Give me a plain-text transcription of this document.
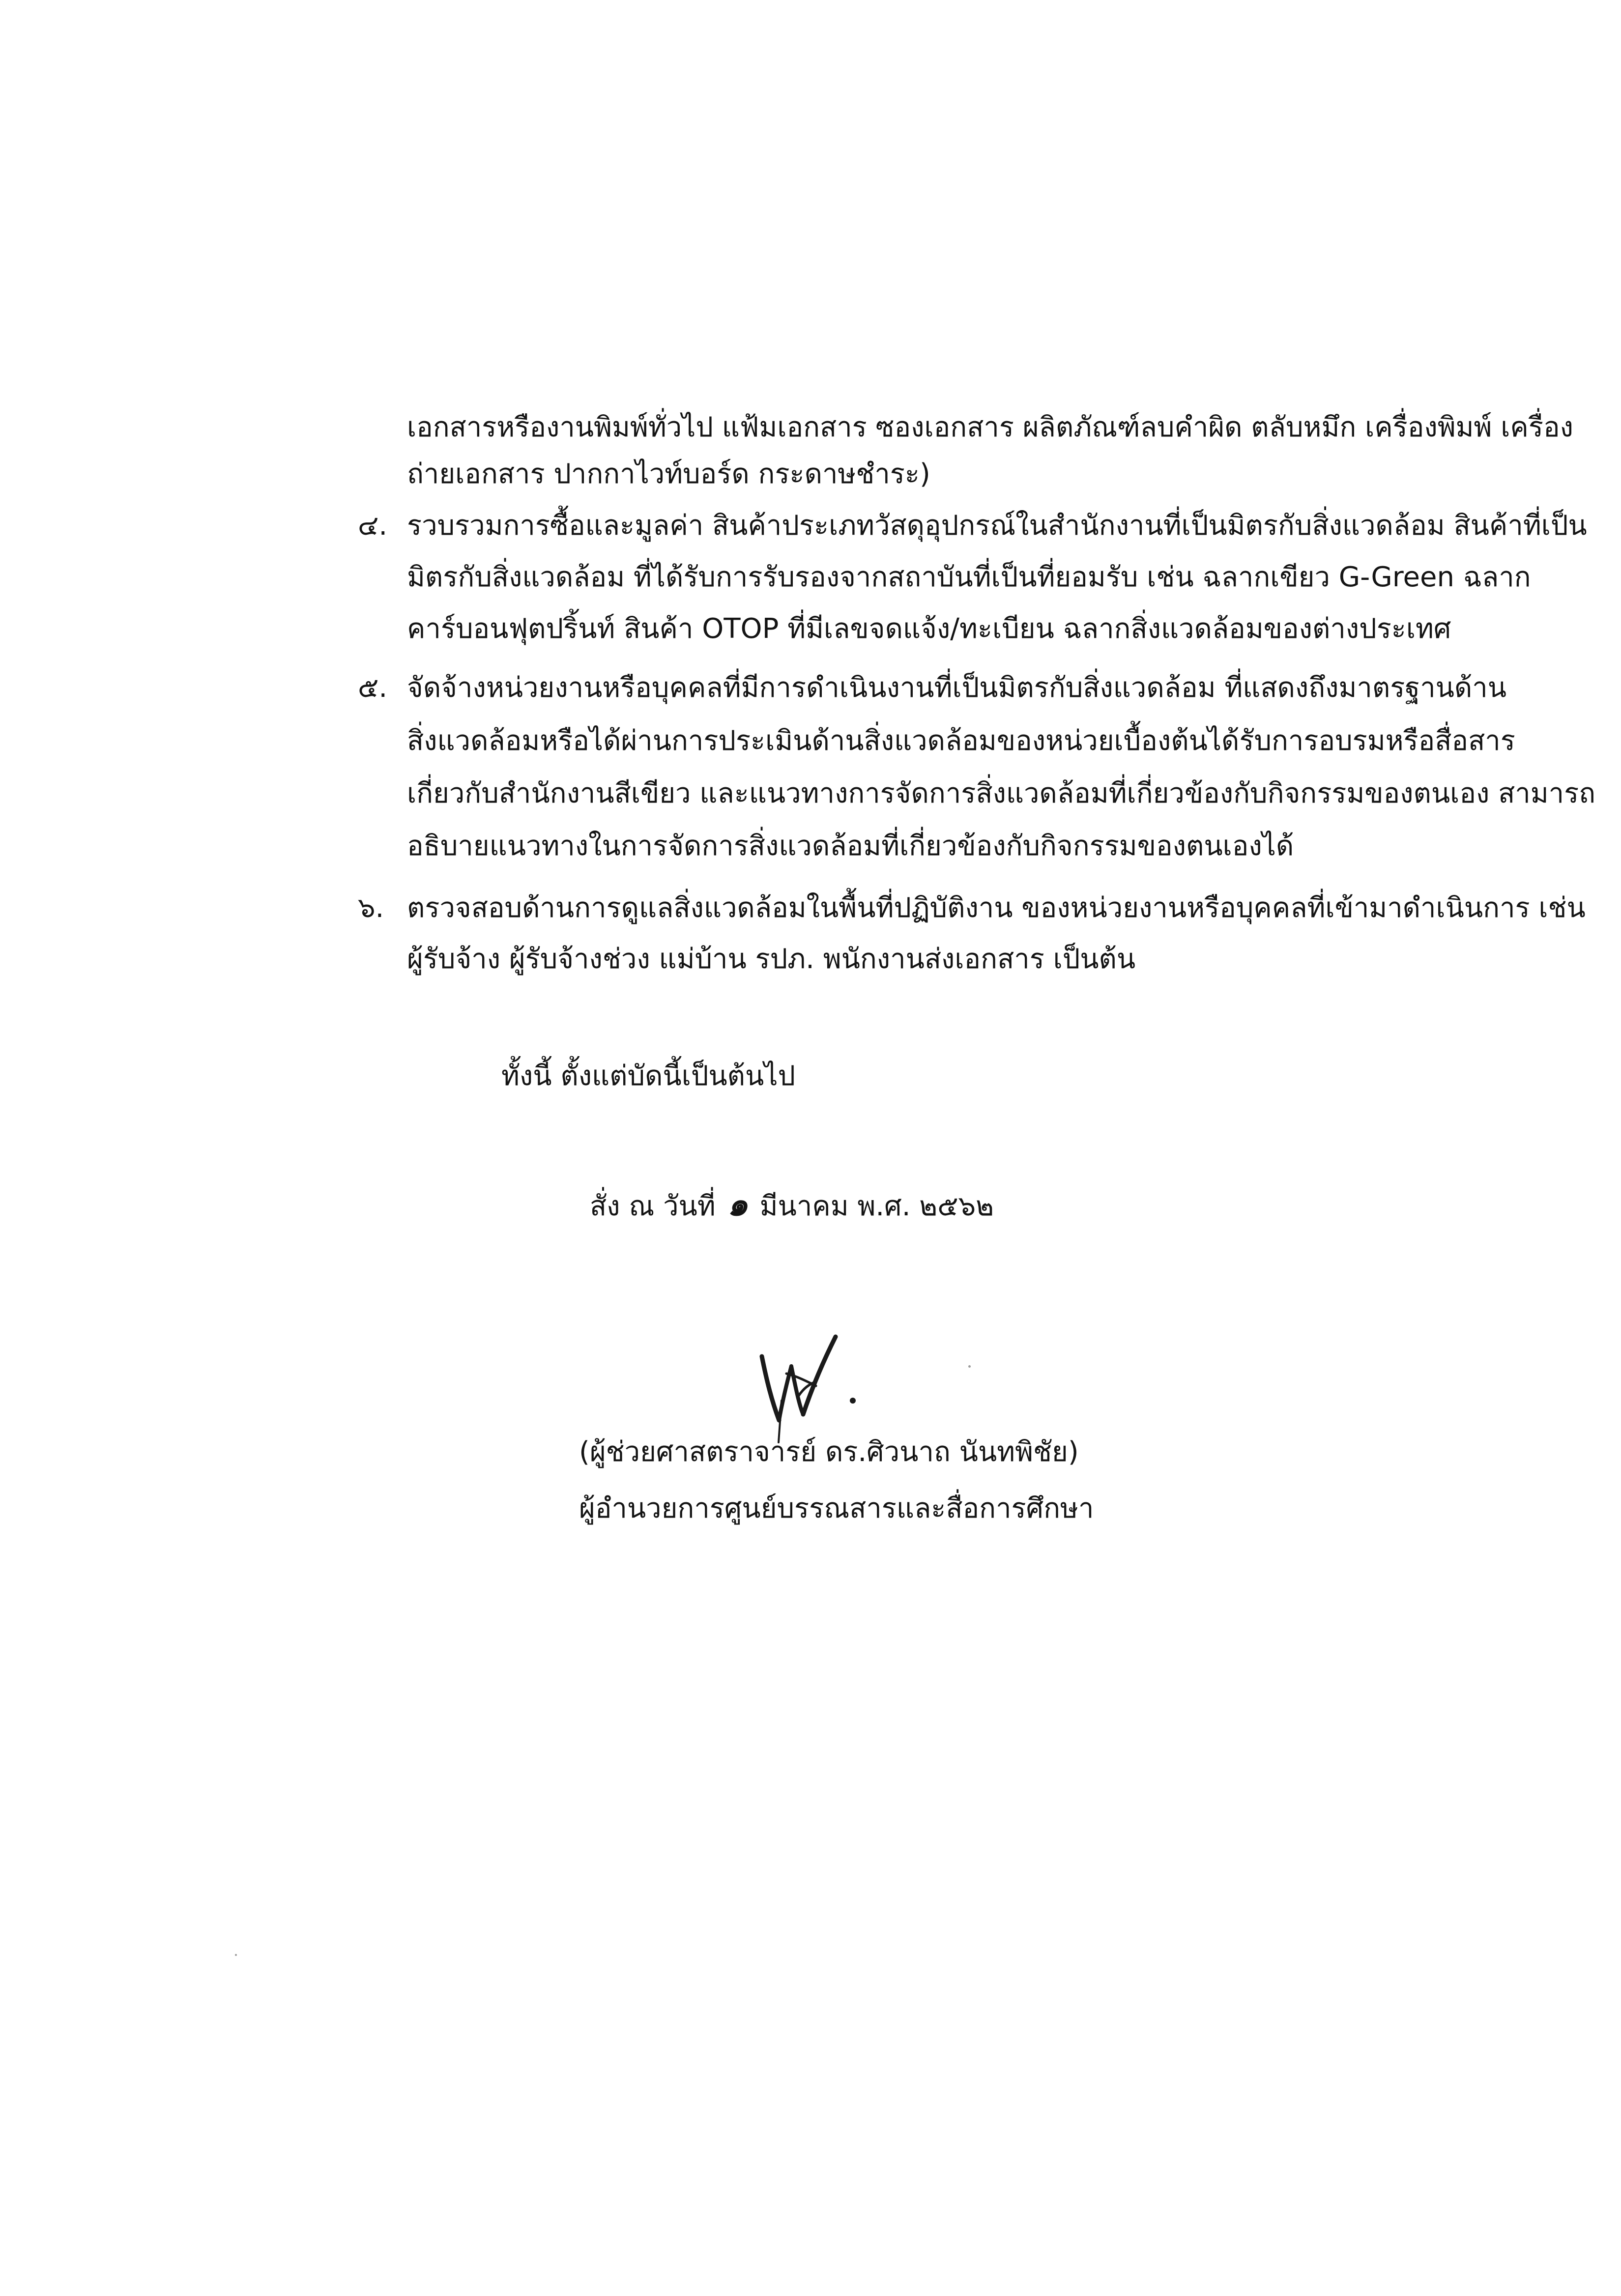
เอกสารหรืองานพิมพ์ทั่วไป แฟ้มเอกสาร ซองเอกสาร ผลิตภัณฑ์ลบคำผิด ตลับหมึก เครื่องพิมพ์ เครื่อง
ถ่ายเอกสาร ปากกาไวท์บอร์ด กระดาษชำระ)
๔. รวบรวมการซื้อและมูลค่า สินค้าประเภทวัสดุอุปกรณ์ในสำนักงานที่เป็นมิตรกับสิ่งแวดล้อม สินค้าที่เป็น
มิตรกับสิ่งแวดล้อม ที่ได้รับการรับรองจากสถาบันที่เป็นที่ยอมรับ เช่น ฉลากเขียว G-Green ฉลาก
คาร์บอนฟุตปริ้นท์ สินค้า OTOP ที่มีเลขจดแจ้ง/ทะเบียน ฉลากสิ่งแวดล้อมของต่างประเทศ
๕. จัดจ้างหน่วยงานหรือบุคคลที่มีการดำเนินงานที่เป็นมิตรกับสิ่งแวดล้อม ที่แสดงถึงมาตรฐานด้าน
สิ่งแวดล้อมหรือได้ผ่านการประเมินด้านสิ่งแวดล้อมของหน่วยเบื้องต้นได้รับการอบรมหรือสื่อสาร
เกี่ยวกับสำนักงานสีเขียว และแนวทางการจัดการสิ่งแวดล้อมที่เกี่ยวข้องกับกิจกรรมของตนเอง สามารถ
อธิบายแนวทางในการจัดการสิ่งแวดล้อมที่เกี่ยวข้องกับกิจกรรมของตนเองได้
๖. ตรวจสอบด้านการดูแลสิ่งแวดล้อมในพื้นที่ปฏิบัติงาน ของหน่วยงานหรือบุคคลที่เข้ามาดำเนินการ เช่น
ผู้รับจ้าง ผู้รับจ้างช่วง แม่บ้าน รปภ. พนักงานส่งเอกสาร เป็นต้น
ทั้งนี้ ตั้งแต่บัดนี้เป็นต้นไป
สั่ง ณ วันที่ ๑ มีนาคม พ.ศ. ๒๕๖๒
(ผู้ช่วยศาสตราจารย์ ดร.ศิวนาถ นันทพิชัย)
ผู้อำนวยการศูนย์บรรณสารและสื่อการศึกษา
